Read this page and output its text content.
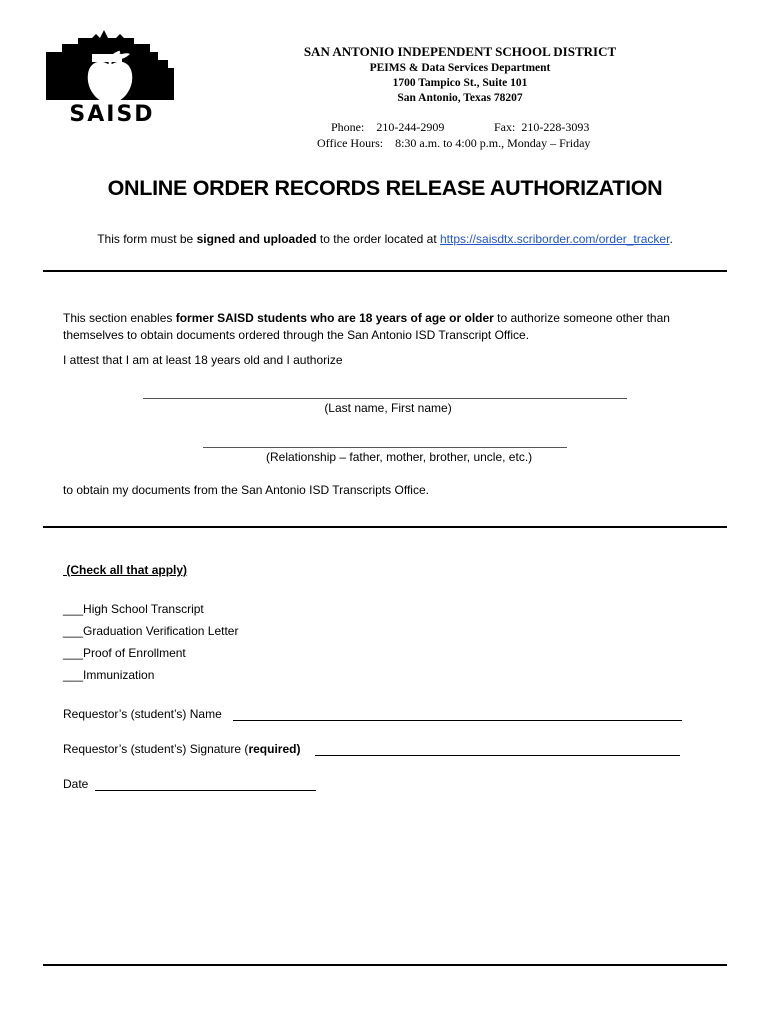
SAISD
SAN ANTONIO INDEPENDENT SCHOOL DISTRICT
PEIMS & Data Services Department
1700 Tampico St., Suite 101
San Antonio, Texas 78207
Phone:    210-244-2909	Fax:  210-228-3093
Office Hours:    8:30 a.m. to 4:00 p.m., Monday – Friday
ONLINE ORDER RECORDS RELEASE AUTHORIZATION
This form must be signed and uploaded to the order located at https://saisdtx.scriborder.com/order_tracker.
This section enables former SAISD students who are 18 years of age or older to authorize someone other than
themselves to obtain documents ordered through the San Antonio ISD Transcript Office.
I attest that I am at least 18 years old and I authorize
(Last name, First name)
(Relationship – father, mother, brother, uncle, etc.)
to obtain my documents from the San Antonio ISD Transcripts Office.
(Check all that apply)
___High School Transcript
___Graduation Verification Letter
___Proof of Enrollment
___Immunization
Requestor’s (student’s) Name
Requestor’s (student’s) Signature (required)
Date
